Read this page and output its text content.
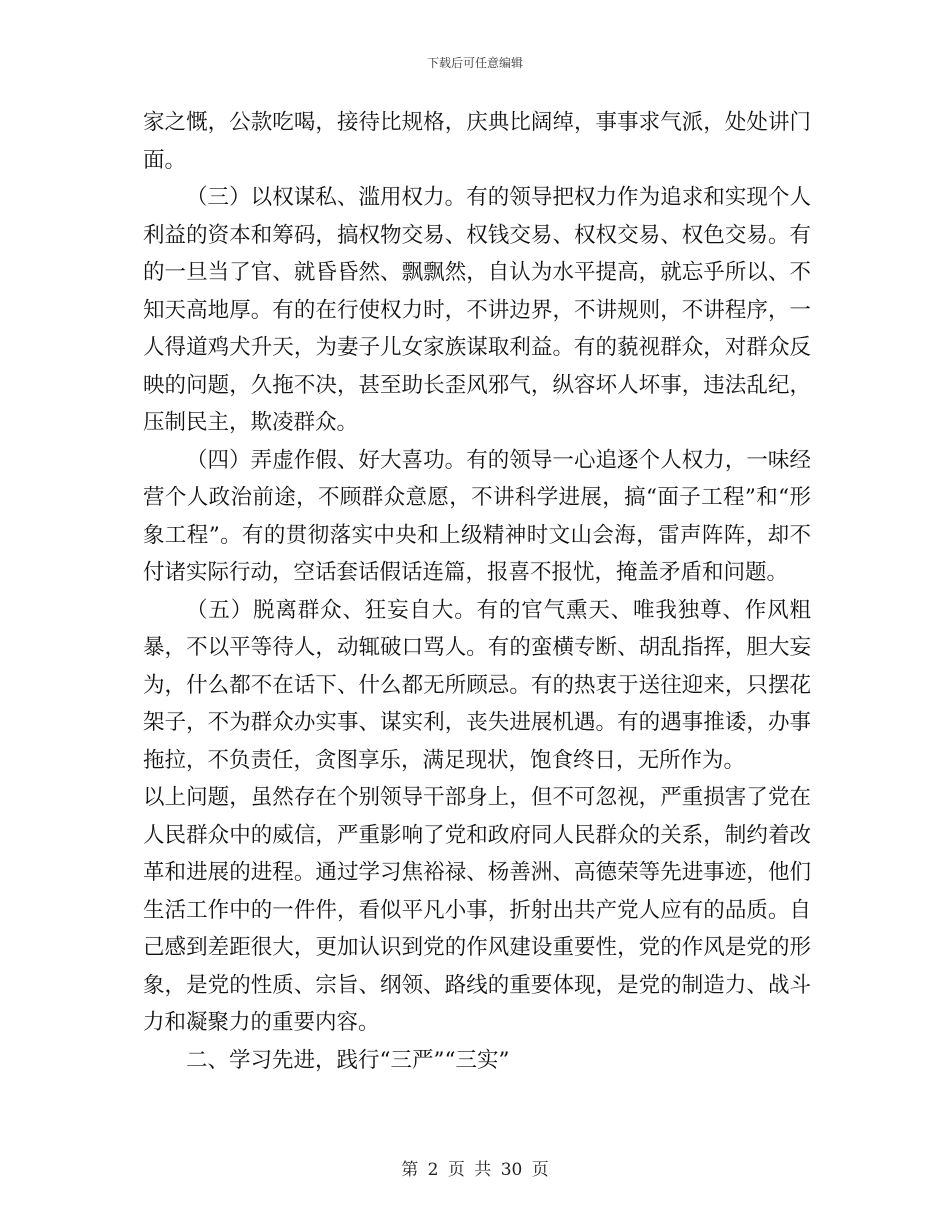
下载后可任意编辑

家之慨，公款吃喝，接待比规格，庆典比阔绰，事事求气派，处处讲门面。

（三）以权谋私、滥用权力。有的领导把权力作为追求和实现个人利益的资本和筹码，搞权物交易、权钱交易、权权交易、权色交易。有的一旦当了官、就昏昏然、飘飘然，自认为水平提高，就忘乎所以、不知天高地厚。有的在行使权力时，不讲边界，不讲规则，不讲程序，一人得道鸡犬升天，为妻子儿女家族谋取利益。有的藐视群众，对群众反映的问题，久拖不决，甚至助长歪风邪气，纵容坏人坏事，违法乱纪，压制民主，欺凌群众。

（四）弄虚作假、好大喜功。有的领导一心追逐个人权力，一味经营个人政治前途，不顾群众意愿，不讲科学进展，搞“面子工程”和“形象工程”。有的贯彻落实中央和上级精神时文山会海，雷声阵阵，却不付诸实际行动，空话套话假话连篇，报喜不报忧，掩盖矛盾和问题。

（五）脱离群众、狂妄自大。有的官气熏天、唯我独尊、作风粗暴，不以平等待人，动辄破口骂人。有的蛮横专断、胡乱指挥，胆大妄为，什么都不在话下、什么都无所顾忌。有的热衷于送往迎来，只摆花架子，不为群众办实事、谋实利，丧失进展机遇。有的遇事推诿，办事拖拉，不负责任，贪图享乐，满足现状，饱食终日，无所作为。

以上问题，虽然存在个别领导干部身上，但不可忽视，严重损害了党在人民群众中的威信，严重影响了党和政府同人民群众的关系，制约着改革和进展的进程。通过学习焦裕禄、杨善洲、高德荣等先进事迹，他们生活工作中的一件件，看似平凡小事，折射出共产党人应有的品质。自己感到差距很大，更加认识到党的作风建设重要性，党的作风是党的形象，是党的性质、宗旨、纲领、路线的重要体现，是党的制造力、战斗力和凝聚力的重要内容。

二、学习先进，践行“三严”“三实”

第 2 页 共 30 页
